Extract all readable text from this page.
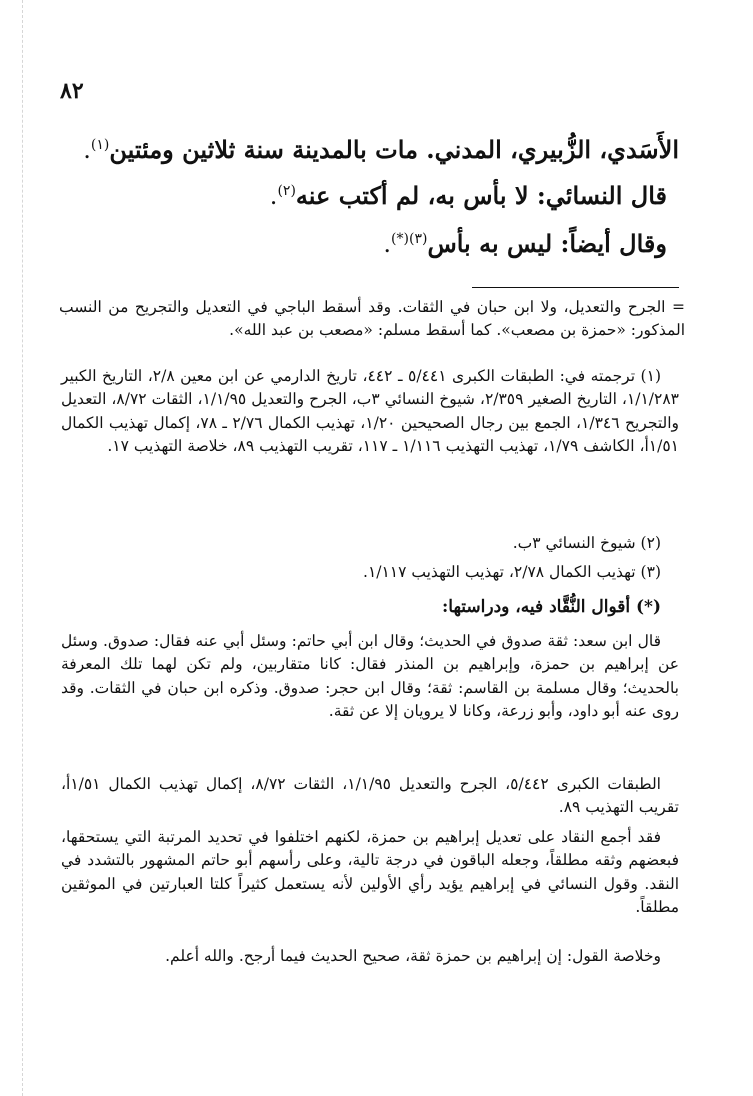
٨٢
الأَسَدي، الزُّبيري، المدني. مات بالمدينة سنة ثلاثين ومئتين$^{(١)}$.
قال النسائي: لا بأس به، لم أكتب عنه$^{(٢)}$.
وقال أيضاً: ليس به بأس$^{(٣)(*)}$.
= الجرح والتعديل، ولا ابن حبان في الثقات. وقد أسقط الباجي في التعديل والتجريح من النسب المذكور: «حمزة بن مصعب». كما أسقط مسلم: «مصعب بن عبد الله».
(١) ترجمته في: الطبقات الكبرى ٥/٤٤١ ـ ٤٤٢، تاريخ الدارمي عن ابن معين ٢/٨، التاريخ الكبير ١/١/٢٨٣، التاريخ الصغير ٢/٣٥٩، شيوخ النسائي ٣ب، الجرح والتعديل ١/١/٩٥، الثقات ٨/٧٢، التعديل والتجريح ١/٣٤٦، الجمع بين رجال الصحيحين ١/٢٠، تهذيب الكمال ٢/٧٦ ـ ٧٨، إكمال تهذيب الكمال ١/٥١أ، الكاشف ١/٧٩، تهذيب التهذيب ١/١١٦ ـ ١١٧، تقريب التهذيب ٨٩، خلاصة التهذيب ١٧.
(٢) شيوخ النسائي ٣ب.
(٣) تهذيب الكمال ٢/٧٨، تهذيب التهذيب ١/١١٧.
(*) أقوال النُّقَّاد فيه، ودراستها:
قال ابن سعد: ثقة صدوق في الحديث؛ وقال ابن أبي حاتم: وسئل أبي عنه فقال: صدوق. وسئل عن إبراهيم بن حمزة، وإبراهيم بن المنذر فقال: كانا متقاربين، ولم تكن لهما تلك المعرفة بالحديث؛ وقال مسلمة بن القاسم: ثقة؛ وقال ابن حجر: صدوق. وذكره ابن حبان في الثقات. وقد روى عنه أبو داود، وأبو زرعة، وكانا لا يرويان إلا عن ثقة.
الطبقات الكبرى ٥/٤٤٢، الجرح والتعديل ١/١/٩٥، الثقات ٨/٧٢، إكمال تهذيب الكمال ١/٥١أ، تقريب التهذيب ٨٩.
فقد أجمع النقاد على تعديل إبراهيم بن حمزة، لكنهم اختلفوا في تحديد المرتبة التي يستحقها، فبعضهم وثقه مطلقاً، وجعله الباقون في درجة تالية، وعلى رأسهم أبو حاتم المشهور بالتشدد في النقد. وقول النسائي في إبراهيم يؤيد رأي الأولين لأنه يستعمل كثيراً كلتا العبارتين في الموثقين مطلقاً.
وخلاصة القول: إن إبراهيم بن حمزة ثقة، صحيح الحديث فيما أرجح. والله أعلم.
